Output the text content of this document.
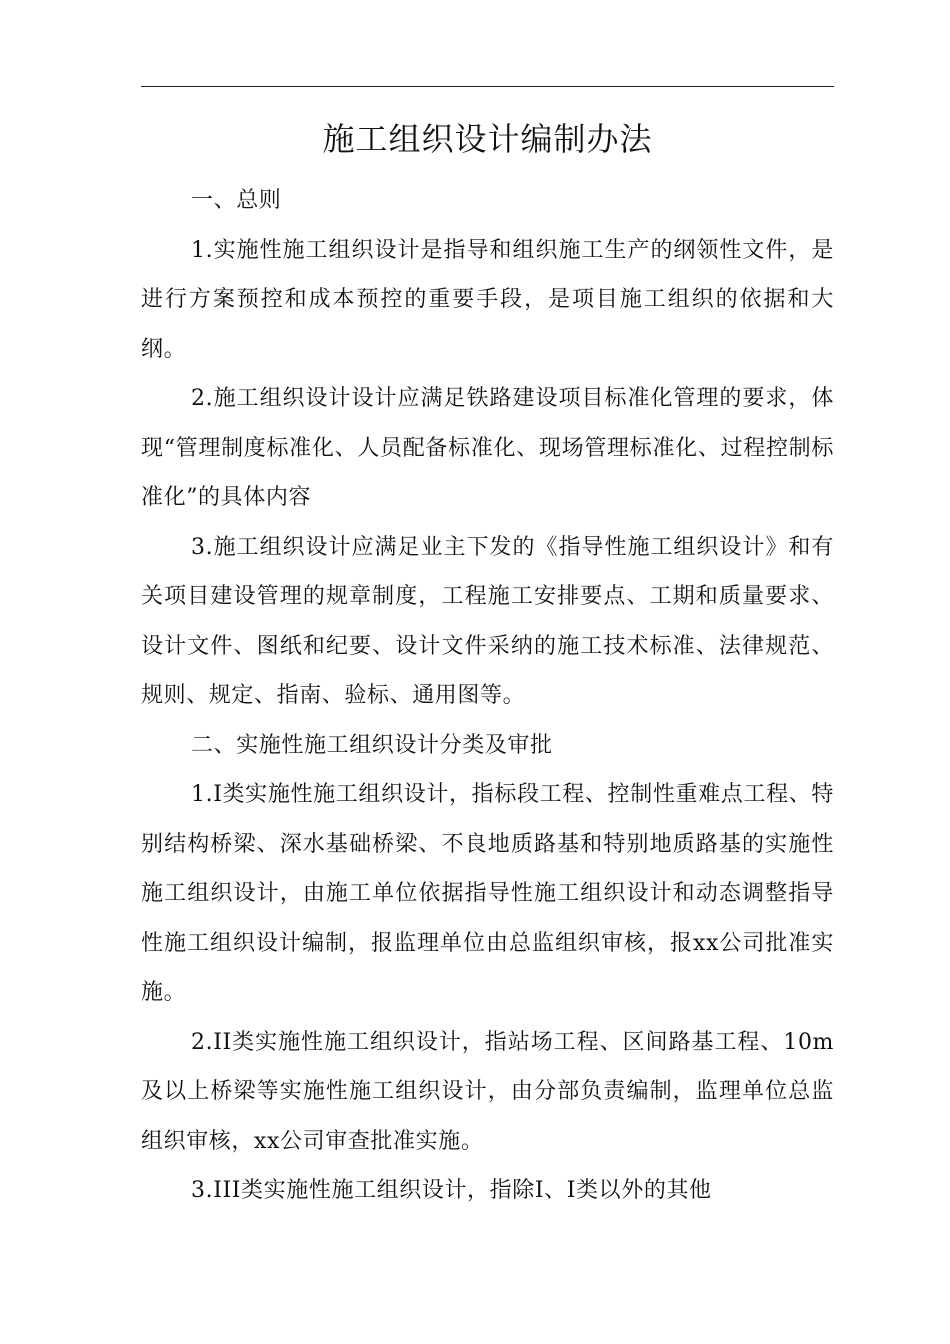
施工组织设计编制办法

一、总则

1.实施性施工组织设计是指导和组织施工生产的纲领性文件，是进行方案预控和成本预控的重要手段，是项目施工组织的依据和大纲。

2.施工组织设计设计应满足铁路建设项目标准化管理的要求，体现“管理制度标准化、人员配备标准化、现场管理标准化、过程控制标准化”的具体内容

3.施工组织设计应满足业主下发的《指导性施工组织设计》和有关项目建设管理的规章制度，工程施工安排要点、工期和质量要求、设计文件、图纸和纪要、设计文件采纳的施工技术标准、法律规范、规则、规定、指南、验标、通用图等。

二、实施性施工组织设计分类及审批

1.I类实施性施工组织设计，指标段工程、控制性重难点工程、特别结构桥梁、深水基础桥梁、不良地质路基和特别地质路基的实施性施工组织设计，由施工单位依据指导性施工组织设计和动态调整指导性施工组织设计编制，报监理单位由总监组织审核，报xx公司批准实施。

2.II类实施性施工组织设计，指站场工程、区间路基工程、10m及以上桥梁等实施性施工组织设计，由分部负责编制，监理单位总监组织审核，xx公司审查批准实施。

3.III类实施性施工组织设计，指除I、I类以外的其他
